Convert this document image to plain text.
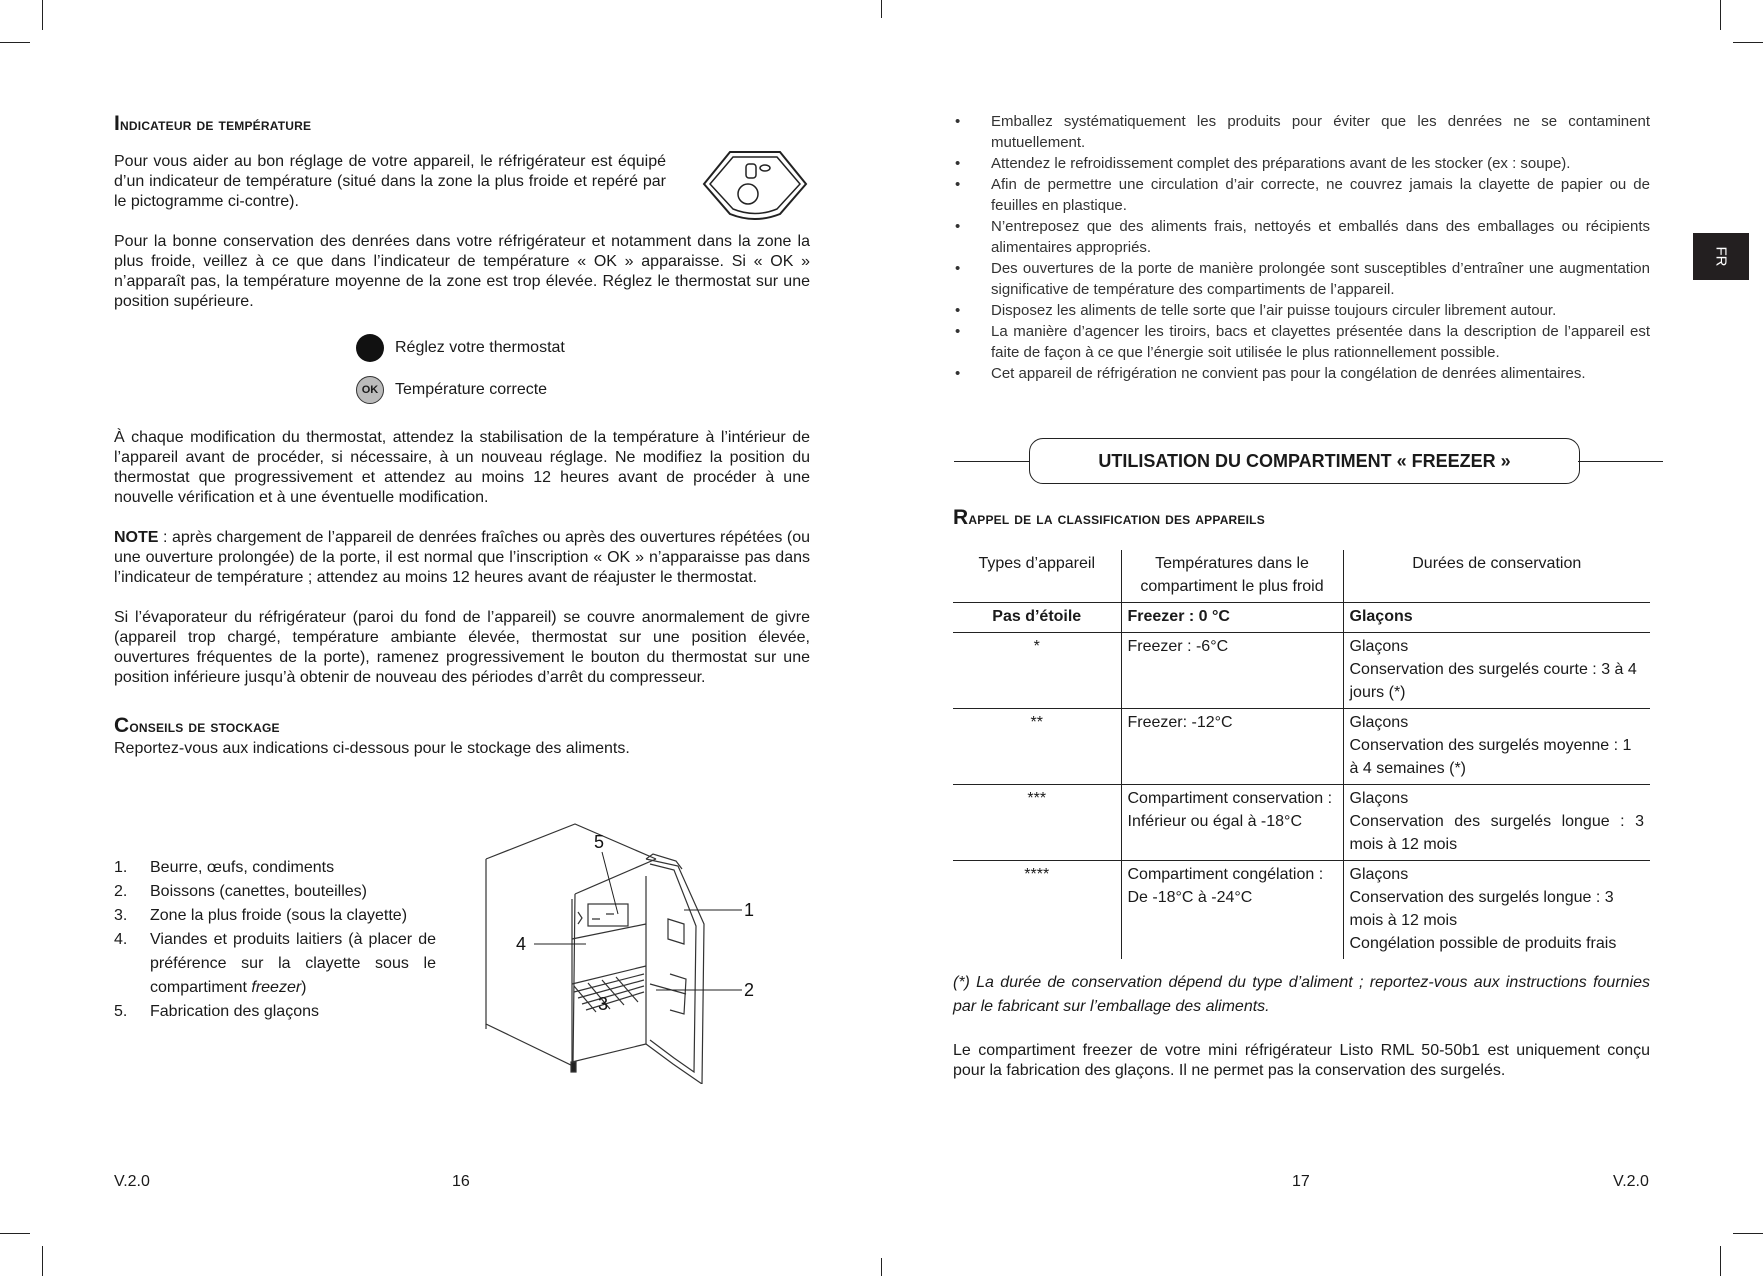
Indicateur de température

Pour vous aider au bon réglage de votre appareil, le réfrigérateur est équipé d’un indicateur de température (situé dans la zone la plus froide et repéré par le pictogramme ci-contre).

Pour la bonne conservation des denrées dans votre réfrigérateur et notamment dans la zone la plus froide, veillez à ce que dans l’indicateur de température « OK » apparaisse. Si « OK » n’apparaît pas, la température moyenne de la zone est trop élevée. Réglez le thermostat sur une position supérieure.

Réglez votre thermostat
OK	Température correcte

À chaque modification du thermostat, attendez la stabilisation de la température à l’intérieur de l’appareil avant de procéder, si nécessaire, à un nouveau réglage. Ne modifiez la position du thermostat que progressivement et attendez au moins 12 heures avant de procéder à une nouvelle vérification et à une éventuelle modification.

NOTE : après chargement de l’appareil de denrées fraîches ou après des ouvertures répétées (ou une ouverture prolongée) de la porte, il est normal que l’inscription « OK » n’apparaisse pas dans l’indicateur de température ; attendez au moins 12 heures avant de réajuster le thermostat.

Si l’évaporateur du réfrigérateur (paroi du fond de l’appareil) se couvre anormalement de givre (appareil trop chargé, température ambiante élevée, thermostat sur une position élevée, ouvertures fréquentes de la porte), ramenez progressivement le bouton du thermostat sur une position inférieure jusqu’à obtenir de nouveau des périodes d’arrêt du compresseur.

Conseils de stockage

Reportez-vous aux indications ci-dessous pour le stockage des aliments.

1.	Beurre, œufs, condiments
2.	Boissons (canettes, bouteilles)
3.	Zone la plus froide (sous la clayette)
4.	Viandes et produits laitiers (à placer de préférence sur la clayette sous le compartiment freezer)
5.	Fabrication des glaçons
5
1
4
2
3
V.2.0	16
•	Emballez systématiquement les produits pour éviter que les denrées ne se contaminent mutuellement.
•	Attendez le refroidissement complet des préparations avant de les stocker (ex : soupe).
•	Afin de permettre une circulation d’air correcte, ne couvrez jamais la clayette de papier ou de feuilles en plastique.
•	N’entreposez que des aliments frais, nettoyés et emballés dans des emballages ou récipients alimentaires appropriés.
•	Des ouvertures de la porte de manière prolongée sont susceptibles d’entraîner une augmentation significative de température des compartiments de l’appareil.
•	Disposez les aliments de telle sorte que l’air puisse toujours circuler librement autour.
•	La manière d’agencer les tiroirs, bacs et clayettes présentée dans la description de l’appareil est faite de façon à ce que l’énergie soit utilisée le plus rationnellement possible.
•	Cet appareil de réfrigération ne convient pas pour la congélation de denrées alimentaires.
UTILISATION DU COMPARTIMENT « FREEZER »

Rappel de la classification des appareils

Types d’appareil	Températures dans le compartiment le plus froid	Durées de conservation
Pas d’étoile	Freezer : 0 °C	Glaçons
*	Freezer : -6°C	Glaçons
Conservation des surgelés courte : 3 à 4 jours (*)

**	Freezer: -12°C	Glaçons
Conservation des surgelés moyenne : 1 à 4 semaines (*)

***	Compartiment conservation : Inférieur ou égal à -18°C	Glaçons
Conservation des surgelés longue : 3 mois à 12 mois

****	Compartiment congélation : De -18°C à -24°C	Glaçons
Conservation des surgelés longue : 3 mois à 12 mois
Congélation possible de produits frais

(*) La durée de conservation dépend du type d’aliment ; reportez-vous aux instructions fournies par le fabricant sur l’emballage des aliments.

Le compartiment freezer de votre mini réfrigérateur Listo RML 50-50b1 est uniquement conçu pour la fabrication des glaçons. Il ne permet pas la conservation des surgelés.

FR
17	V.2.0
